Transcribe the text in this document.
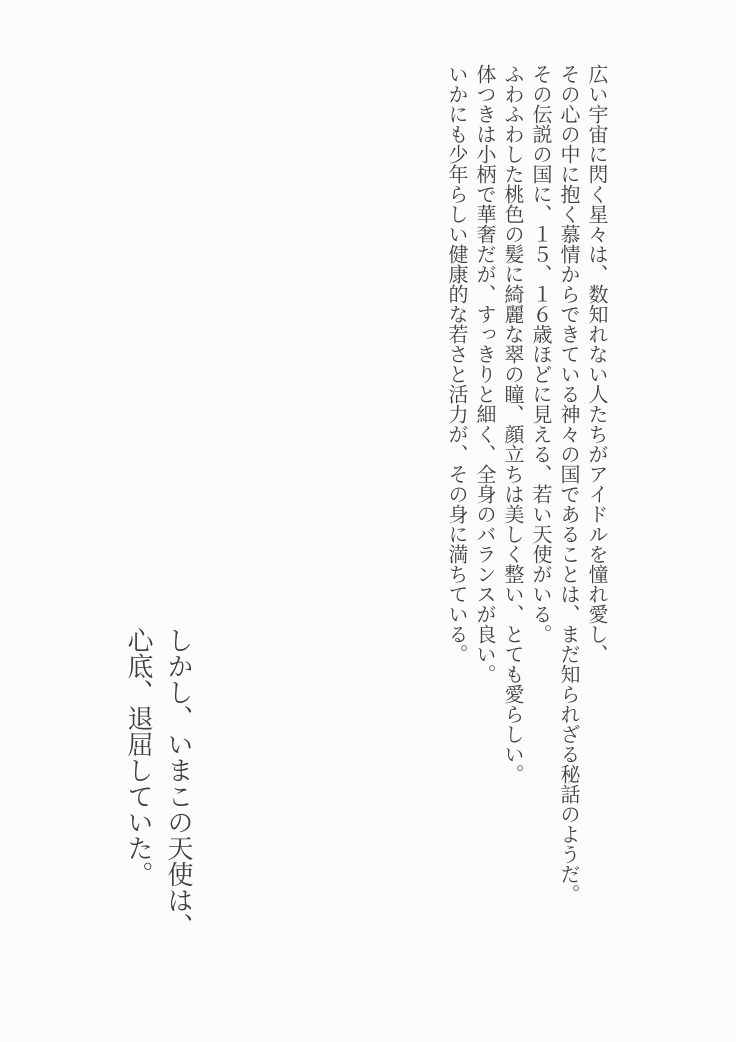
広い宇宙に閃く星々は、数知れない人たちがアイドルを憧れ愛し、
その心の中に抱く慕情からできている神々の国であることは、まだ知られざる秘話のようだ。
その伝説の国に、１５、１６歳ほどに見える、若い天使がいる。
ふわふわした桃色の髪に綺麗な翠の瞳、顔立ちは美しく整い、とても愛らしい。
体つきは小柄で華奢だが、すっきりと細く、全身のバランスが良い。
いかにも少年らしい健康的な若さと活力が、その身に満ちている。
しかし、いまこの天使は、
心底、退屈していた。
